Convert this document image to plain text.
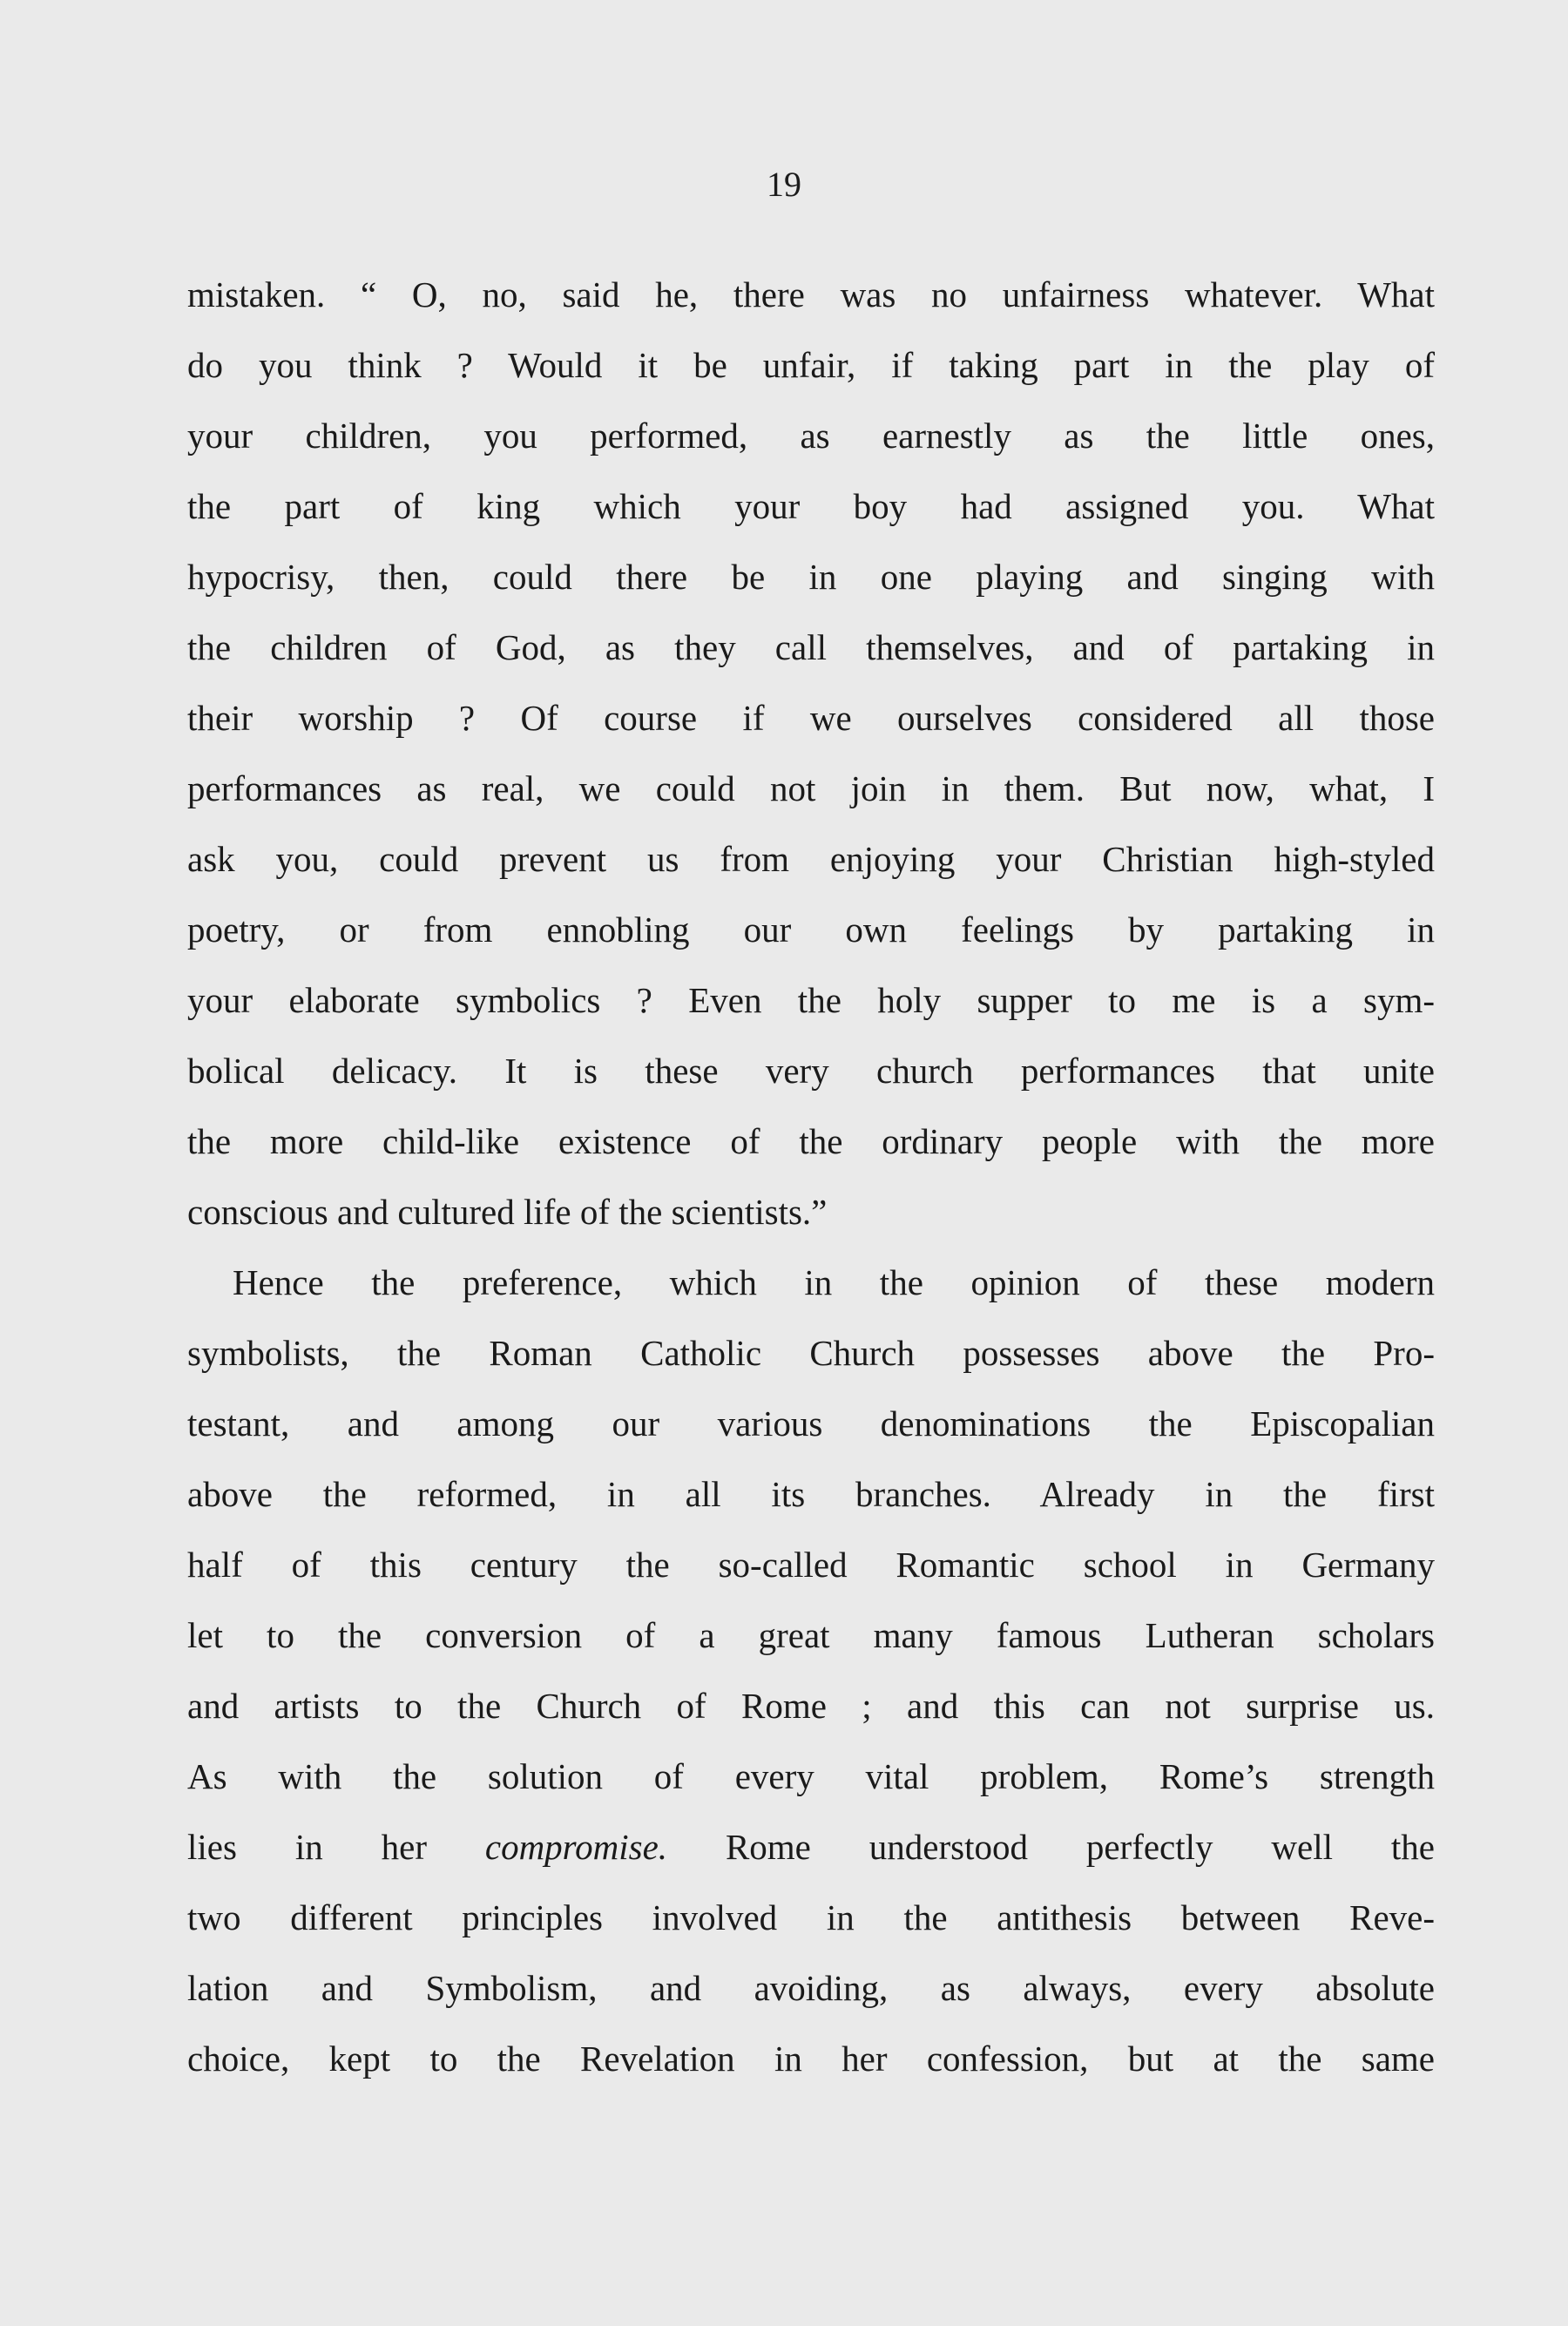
19
mistaken. “ O, no, said he, there was no unfairness whatever. What
do you think ? Would it be unfair, if taking part in the play of
your children, you performed, as earnestly as the little ones,
the part of king which your boy had assigned you. What
hypocrisy, then, could there be in one playing and singing with
the children of God, as they call themselves, and of partaking in
their worship ? Of course if we ourselves considered all those
performances as real, we could not join in them. But now, what, I
ask you, could prevent us from enjoying your Christian high-styled
poetry, or from ennobling our own feelings by partaking in
your elaborate symbolics ? Even the holy supper to me is a sym-
bolical delicacy. It is these very church performances that unite
the more child-like existence of the ordinary people with the more
conscious and cultured life of the scientists.”
Hence the preference, which in the opinion of these modern
symbolists, the Roman Catholic Church possesses above the Pro-
testant, and among our various denominations the Episcopalian
above the reformed, in all its branches. Already in the first
half of this century the so-called Romantic school in Germany
let to the conversion of a great many famous Lutheran scholars
and artists to the Church of Rome ; and this can not surprise us.
As with the solution of every vital problem, Rome’s strength
lies in her compromise. Rome understood perfectly well the
two different principles involved in the antithesis between Reve-
lation and Symbolism, and avoiding, as always, every absolute
choice, kept to the Revelation in her confession, but at the same
